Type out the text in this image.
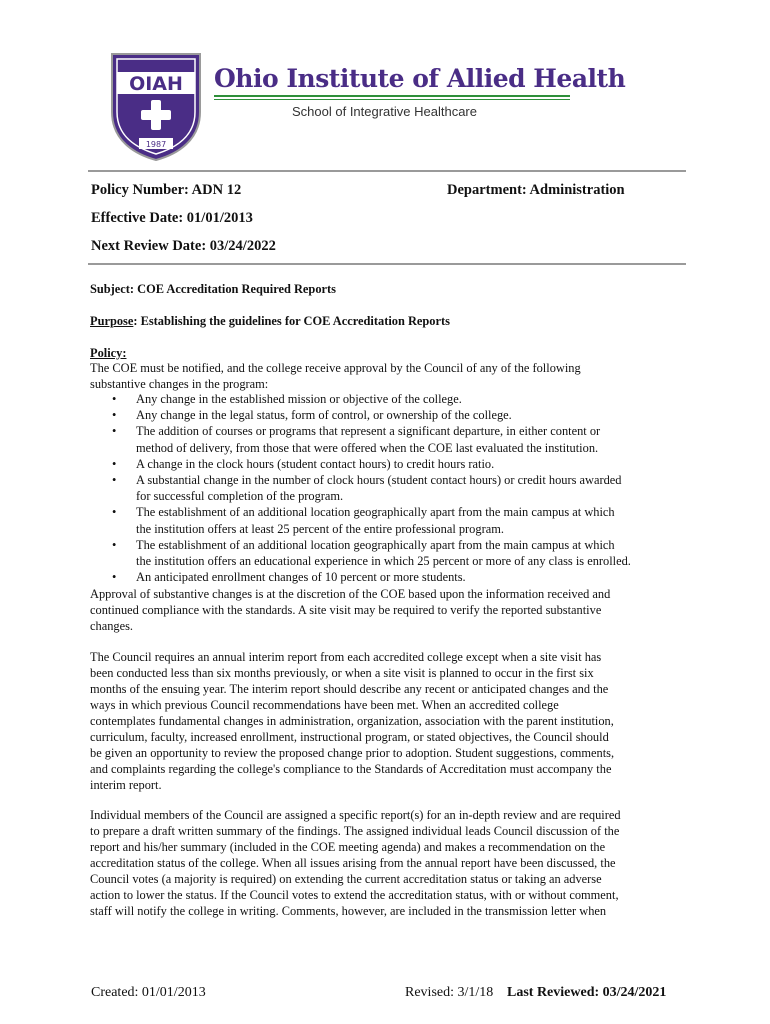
OIAH
1987
Ohio Institute of Allied Health
School of Integrative Healthcare
Policy Number: ADN 12	Department: Administration
Effective Date: 01/01/2013
Next Review Date: 03/24/2022
Subject: COE Accreditation Required Reports
Purpose: Establishing the guidelines for COE Accreditation Reports
Policy:
The COE must be notified, and the college receive approval by the Council of any of the following
substantive changes in the program:
• Any change in the established mission or objective of the college.
• Any change in the legal status, form of control, or ownership of the college.
• The addition of courses or programs that represent a significant departure, in either content or
method of delivery, from those that were offered when the COE last evaluated the institution.
• A change in the clock hours (student contact hours) to credit hours ratio.
• A substantial change in the number of clock hours (student contact hours) or credit hours awarded
for successful completion of the program.
• The establishment of an additional location geographically apart from the main campus at which
the institution offers at least 25 percent of the entire professional program.
• The establishment of an additional location geographically apart from the main campus at which
the institution offers an educational experience in which 25 percent or more of any class is enrolled.
• An anticipated enrollment changes of 10 percent or more students.
Approval of substantive changes is at the discretion of the COE based upon the information received and
continued compliance with the standards. A site visit may be required to verify the reported substantive
changes.
The Council requires an annual interim report from each accredited college except when a site visit has
been conducted less than six months previously, or when a site visit is planned to occur in the first six
months of the ensuing year. The interim report should describe any recent or anticipated changes and the
ways in which previous Council recommendations have been met. When an accredited college
contemplates fundamental changes in administration, organization, association with the parent institution,
curriculum, faculty, increased enrollment, instructional program, or stated objectives, the Council should
be given an opportunity to review the proposed change prior to adoption. Student suggestions, comments,
and complaints regarding the college's compliance to the Standards of Accreditation must accompany the
interim report.
Individual members of the Council are assigned a specific report(s) for an in-depth review and are required
to prepare a draft written summary of the findings. The assigned individual leads Council discussion of the
report and his/her summary (included in the COE meeting agenda) and makes a recommendation on the
accreditation status of the college. When all issues arising from the annual report have been discussed, the
Council votes (a majority is required) on extending the current accreditation status or taking an adverse
action to lower the status. If the Council votes to extend the accreditation status, with or without comment,
staff will notify the college in writing. Comments, however, are included in the transmission letter when
Created: 01/01/2013	Revised: 3/1/18 Last Reviewed: 03/24/2021
